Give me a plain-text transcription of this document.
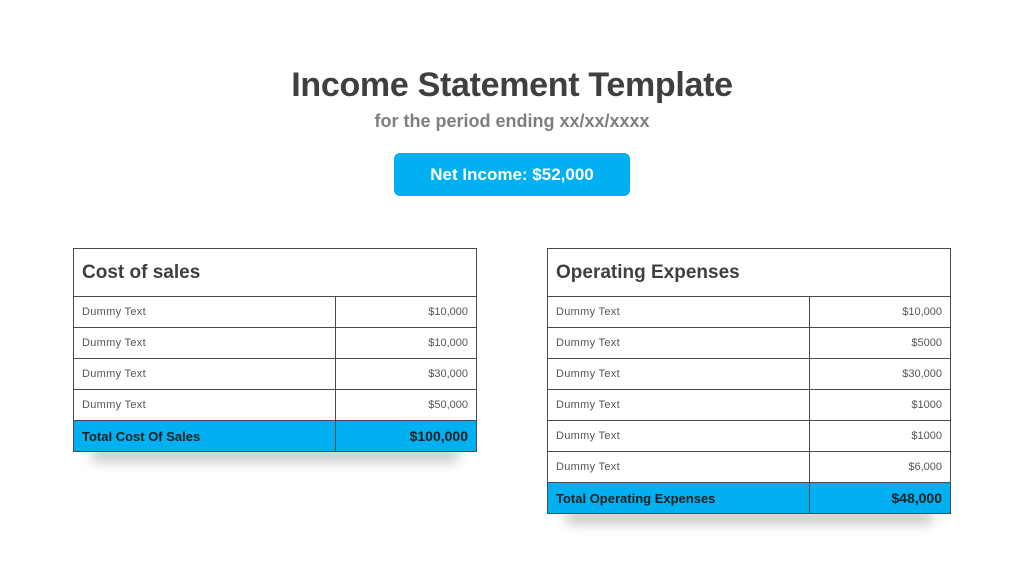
Income Statement Template
for the period ending xx/xx/xxxx
Net Income: $52,000
Cost of sales	
Dummy Text	$10,000
Dummy Text	$10,000
Dummy Text	$30,000
Dummy Text	$50,000
Total Cost Of Sales	$100,000
Operating Expenses	
Dummy Text	$10,000
Dummy Text	$5000
Dummy Text	$30,000
Dummy Text	$1000
Dummy Text	$1000
Dummy Text	$6,000
Total Operating Expenses	$48,000
